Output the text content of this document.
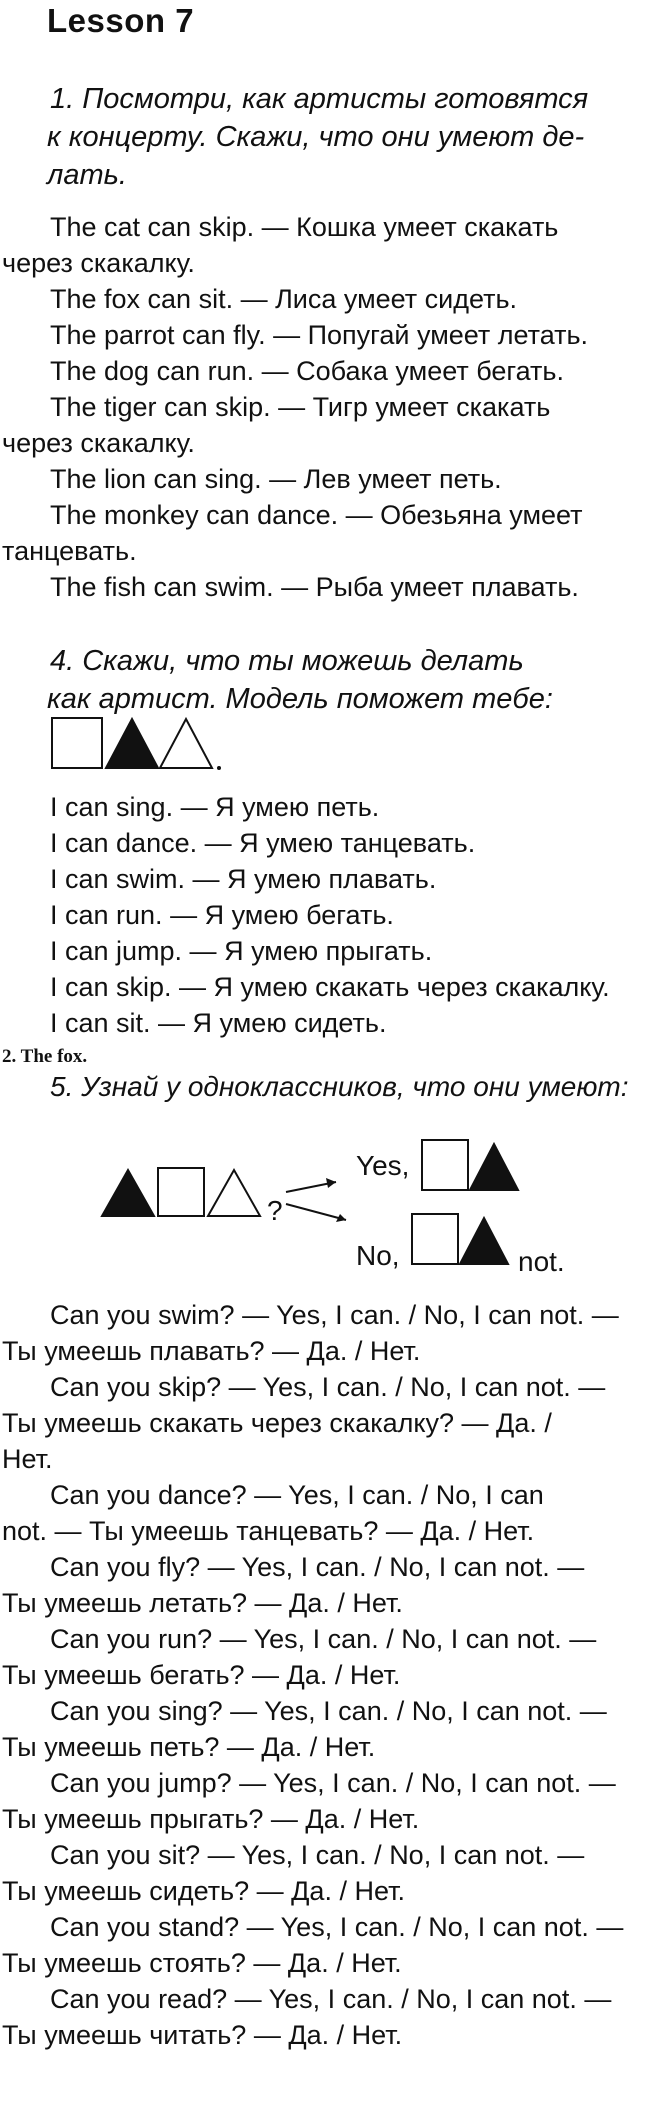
Lesson 7
1. Посмотри, как артисты готовятся
к концерту. Скажи, что они умеют де-
лать.
The cat can skip. — Кошка умеет скакать
через скакалку.
The fox can sit. — Лиса умеет сидеть.
The parrot can fly. — Попугай умеет летать.
The dog can run. — Собака умеет бегать.
The tiger can skip. — Тигр умеет скакать
через скакалку.
The lion can sing. — Лев умеет петь.
The monkey can dance. — Обезьяна умеет
танцевать.
The fish can swim. — Рыба умеет плавать.
4. Скажи, что ты можешь делать
как артист. Модель поможет тебе:
I can sing. — Я умею петь.
I can dance. — Я умею танцевать.
I can swim. — Я умею плавать.
I can run. — Я умею бегать.
I can jump. — Я умею прыгать.
I can skip. — Я умею скакать через скакалку.
I can sit. — Я умею сидеть.
2. The fox.
5. Узнай у одноклассников, что они умеют:
?
Yes,
No,	not.
Can you swim? — Yes, I can. / No, I can not. —
Ты умеешь плавать? — Да. / Нет.
Can you skip? — Yes, I can. / No, I can not. —
Ты умеешь скакать через скакалку? — Да. /
Нет.
Can you dance? — Yes, I can. / No, I can
not. — Ты умеешь танцевать? — Да. / Нет.
Can you fly? — Yes, I can. / No, I can not. —
Ты умеешь летать? — Да. / Нет.
Can you run? — Yes, I can. / No, I can not. —
Ты умеешь бегать? — Да. / Нет.
Can you sing? — Yes, I can. / No, I can not. —
Ты умеешь петь? — Да. / Нет.
Can you jump? — Yes, I can. / No, I can not. —
Ты умеешь прыгать? — Да. / Нет.
Can you sit? — Yes, I can. / No, I can not. —
Ты умеешь сидеть? — Да. / Нет.
Can you stand? — Yes, I can. / No, I can not. —
Ты умеешь стоять? — Да. / Нет.
Can you read? — Yes, I can. / No, I can not. —
Ты умеешь читать? — Да. / Нет.
